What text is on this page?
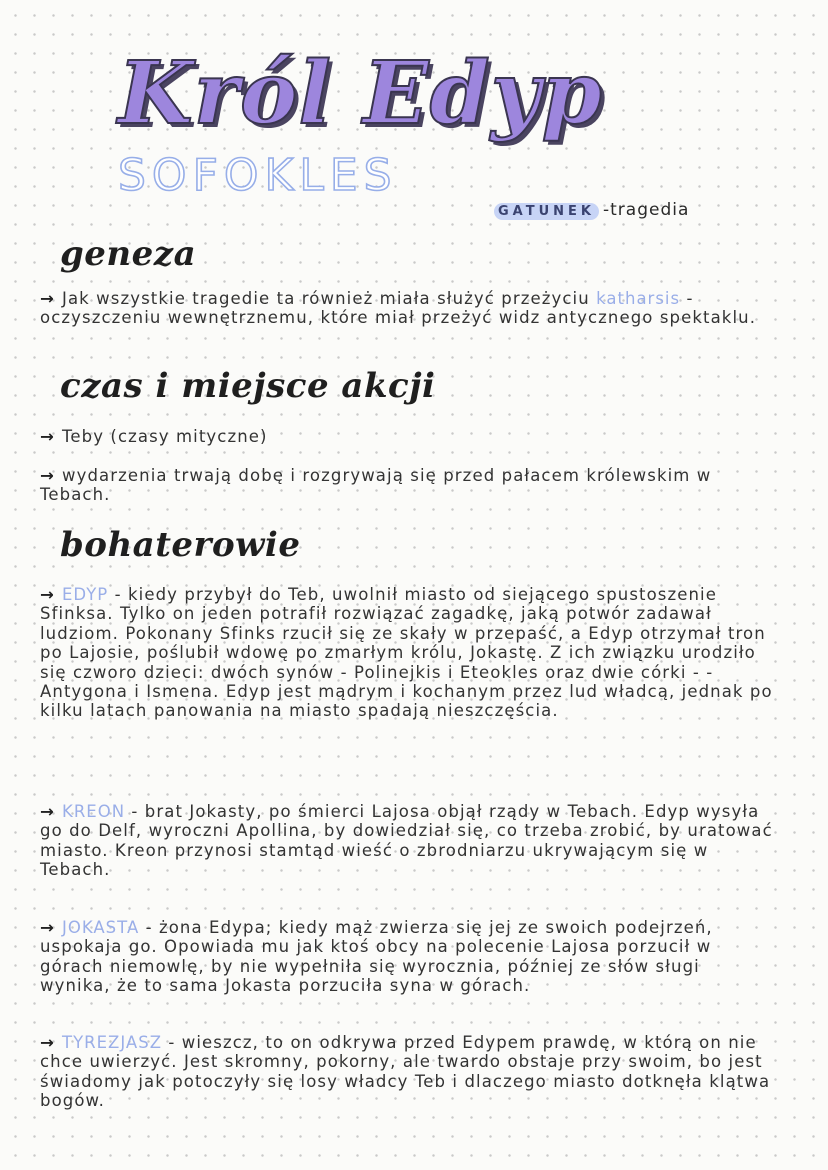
Król Edyp
SOFOKLES
GATUNEK -tragedia
geneza
→ Jak wszystkie tragedie ta również miała służyć przeżyciu katharsis - oczyszczeniu wewnętrznemu, które miał przeżyć widz antycznego spektaklu.
czas i miejsce akcji
→ Teby (czasy mityczne)
→ wydarzenia trwają dobę i rozgrywają się przed pałacem królewskim w Tebach.
bohaterowie
→ EDYP - kiedy przybył do Teb, uwolnił miasto od siejącego spustoszenie Sfinksa. Tylko on jeden potrafił rozwiązać zagadkę, jaką potwór zadawał ludziom. Pokonany Sfinks rzucił się ze skały w przepaść, a Edyp otrzymał tron po Lajosie, poślubił wdowę po zmarłym królu, Jokastę. Z ich związku urodziło się czworo dzieci: dwóch synów - Polinejkis i Eteokles oraz dwie córki - - Antygona i Ismena. Edyp jest mądrym i kochanym przez lud władcą, jednak po kilku latach panowania na miasto spadają nieszczęścia.
→ KREON - brat Jokasty, po śmierci Lajosa objął rządy w Tebach. Edyp wysyła go do Delf, wyroczni Apollina, by dowiedział się, co trzeba zrobić, by uratować miasto. Kreon przynosi stamtąd wieść o zbrodniarzu ukrywającym się w Tebach.
→ JOKASTA - żona Edypa; kiedy mąż zwierza się jej ze swoich podejrzeń, uspokaja go. Opowiada mu jak ktoś obcy na polecenie Lajosa porzucił w górach niemowlę, by nie wypełniła się wyrocznia, później ze słów sługi wynika, że to sama Jokasta porzuciła syna w górach.
→ TYREZJASZ - wieszcz, to on odkrywa przed Edypem prawdę, w którą on nie chce uwierzyć. Jest skromny, pokorny, ale twardo obstaje przy swoim, bo jest świadomy jak potoczyły się losy władcy Teb i dlaczego miasto dotknęła klątwa bogów.
